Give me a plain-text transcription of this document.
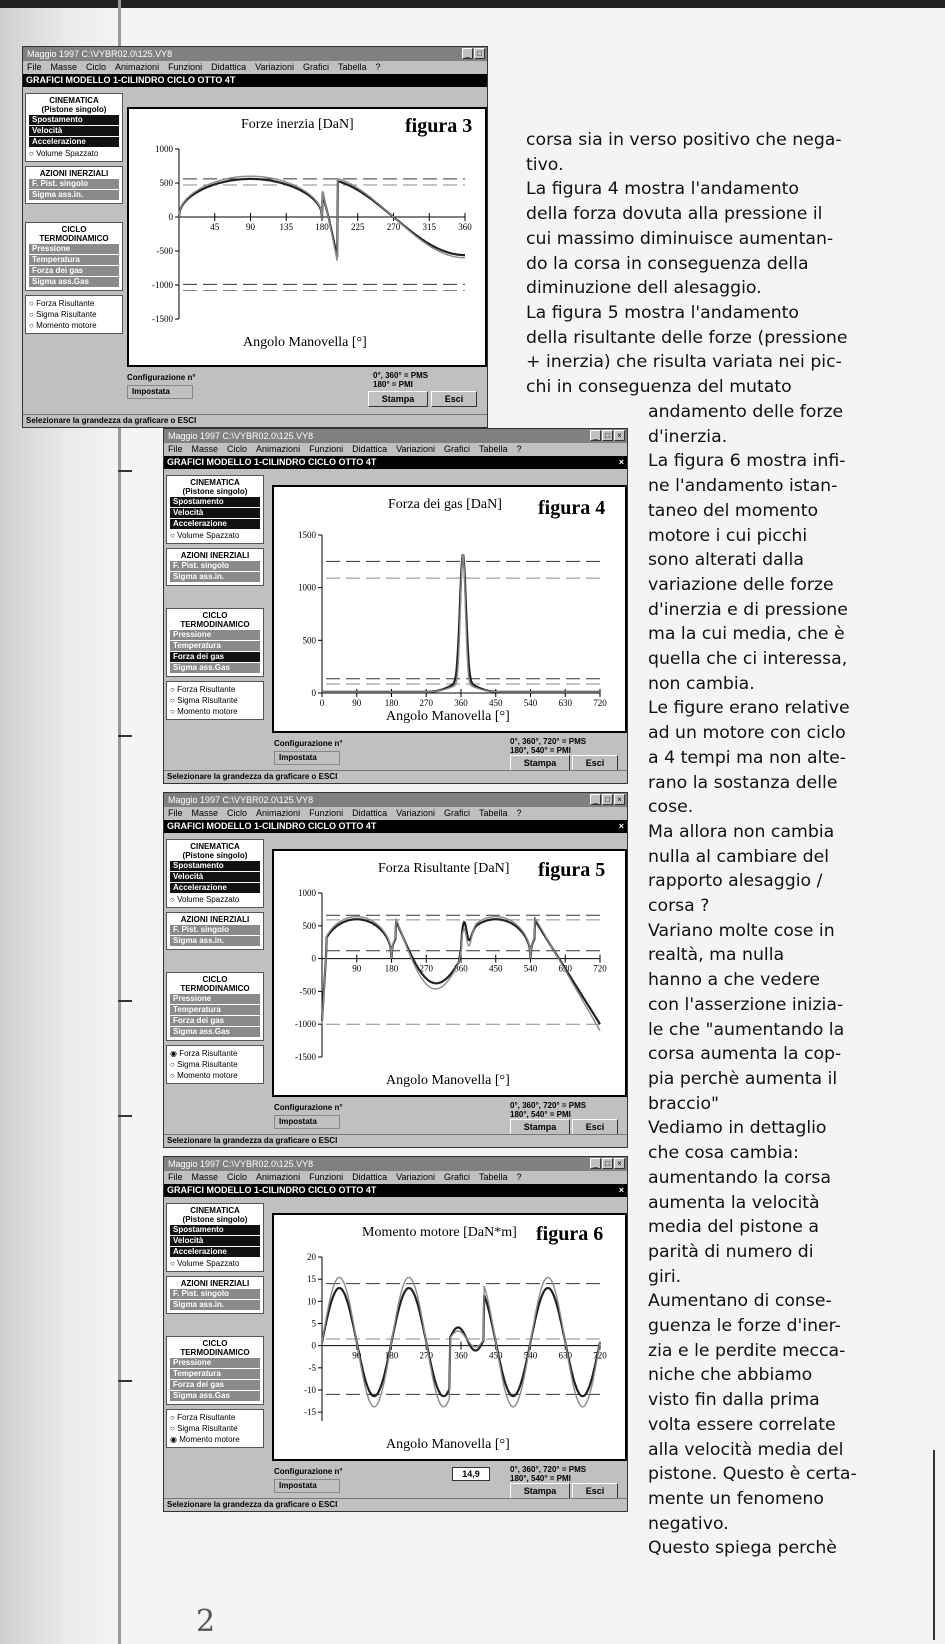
Maggio 1997 C:\VYBR02.0\125.VY8	_ □
File Masse Ciclo Animazioni Funzioni Didattica Variazioni Grafici Tabella ?
GRAFICI MODELLO 1-CILINDRO CICLO OTTO 4T
CINEMATICA
(Pistone singolo)
Spostamento
Velocità
Accelerazione
○ Volume Spazzato
AZIONI INERZIALI
F. Pist. singolo
Sigma ass.in.
CICLO
TERMODINAMICO
Pressione
Temperatura
Forza dei gas
Sigma ass.Gas
○ Forza Risultante
○ Sigma Risultante
○ Momento motore
1000
500
0
-500
-1000
-1500
45	90	135 180 225 270 315 360
Forze inerzia [DaN]	figura 3
Angolo Manovella [°]
Configurazione n°
Impostata
0°, 360° = PMS
180° = PMI
Stampa	Esci
Selezionare la grandezza da graficare o ESCI
Maggio 1997 C:\VYBR02.0\125.VY8	_ □ ×
File Masse Ciclo Animazioni Funzioni Didattica Variazioni Grafici Tabella ?
GRAFICI MODELLO 1-CILINDRO CICLO OTTO 4T	×
CINEMATICA
(Pistone singolo)
Spostamento
Velocità
Accelerazione
○ Volume Spazzato
AZIONI INERZIALI
F. Pist. singolo
Sigma ass.in.
CICLO
TERMODINAMICO
Pressione
Temperatura
Forza dei gas
Sigma ass.Gas
○ Forza Risultante
○ Sigma Risultante
○ Momento motore
1500
1000
500
0
0	90	180 270 360 450 540 630 720
Forza dei gas [DaN] figura 4
Angolo Manovella [°]
Configurazione n°
Impostata
0°, 360°, 720° = PMS
180°, 540° = PMI
Stampa	Esci
Selezionare la grandezza da graficare o ESCI
Maggio 1997 C:\VYBR02.0\125.VY8	_ □ ×
File Masse Ciclo Animazioni Funzioni Didattica Variazioni Grafici Tabella ?
GRAFICI MODELLO 1-CILINDRO CICLO OTTO 4T	×
CINEMATICA
(Pistone singolo)
Spostamento
Velocità
Accelerazione
○ Volume Spazzato
AZIONI INERZIALI
F. Pist. singolo
Sigma ass.in.
CICLO
TERMODINAMICO
Pressione
Temperatura
Forza dei gas
Sigma ass.Gas
◉ Forza Risultante
○ Sigma Risultante
○ Momento motore
1000
500
0
-500
-1000
-1500
90	180 270 360 450 540 630 720
Forza Risultante [DaN] figura 5
Angolo Manovella [°]
Configurazione n°
Impostata
0°, 360°, 720° = PMS
180°, 540° = PMI
Stampa	Esci
Selezionare la grandezza da graficare o ESCI
Maggio 1997 C:\VYBR02.0\125.VY8	_ □ ×
File Masse Ciclo Animazioni Funzioni Didattica Variazioni Grafici Tabella ?
GRAFICI MODELLO 1-CILINDRO CICLO OTTO 4T	×
CINEMATICA
(Pistone singolo)
Spostamento
Velocità
Accelerazione
○ Volume Spazzato
AZIONI INERZIALI
F. Pist. singolo
Sigma ass.in.
CICLO
TERMODINAMICO
Pressione
Temperatura
Forza dei gas
Sigma ass.Gas
○ Forza Risultante
○ Sigma Risultante
◉ Momento motore
20
15
10
5
0
-5
-10
-15
90	180 270 360 450 540 630 720
Momento motore [DaN*m] figura 6
Angolo Manovella [°]
Configurazione n°
Impostata
14,9	0°, 360°, 720° = PMS
180°, 540° = PMI
Stampa	Esci
Selezionare la grandezza da graficare o ESCI
corsa sia in verso positivo che nega-
tivo.
La figura 4 mostra l'andamento
della forza dovuta alla pressione il
cui massimo diminuisce aumentan-
do la corsa in conseguenza della
diminuzione dell alesaggio.
La figura 5 mostra l'andamento
della risultante delle forze (pressione
+ inerzia) che risulta variata nei pic-
chi in conseguenza del mutato
andamento delle forze
d'inerzia.
La figura 6 mostra infi-
ne l'andamento istan-
taneo del momento
motore i cui picchi
sono alterati dalla
variazione delle forze
d'inerzia e di pressione
ma la cui media, che è
quella che ci interessa,
non cambia.
Le figure erano relative
ad un motore con ciclo
a 4 tempi ma non alte-
rano la sostanza delle
cose.
Ma allora non cambia
nulla al cambiare del
rapporto alesaggio /
corsa ?
Variano molte cose in
realtà, ma nulla
hanno a che vedere
con l'asserzione inizia-
le che "aumentando la
corsa aumenta la cop-
pia perchè aumenta il
braccio"
Vediamo in dettaglio
che cosa cambia:
aumentando la corsa
aumenta la velocità
media del pistone a
parità di numero di
giri.
Aumentano di conse-
guenza le forze d'iner-
zia e le perdite mecca-
niche che abbiamo
visto fin dalla prima
volta essere correlate
alla velocità media del
pistone. Questo è certa-
mente un fenomeno
negativo.
Questo spiega perchè
2
